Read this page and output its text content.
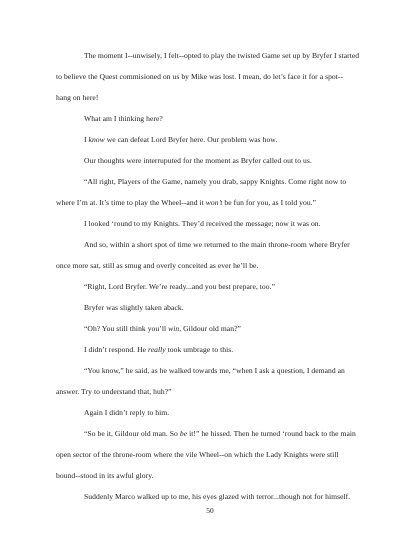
The moment I--unwisely, I felt--opted to play the twisted Game set up by Bryfer I started
to believe the Quest commisioned on us by Mike was lost. I mean, do let’s face it for a spot--
hang on here!

What am I thinking here?

I know we can defeat Lord Bryfer here. Our problem was how.

Our thoughts were interruputed for the moment as Bryfer called out to us.

“All right, Players of the Game, namely you drab, sappy Knights. Come right now to
where I’m at. It’s time to play the Wheel--and it won’t be fun for you, as I told you.”

I looked ‘round to my Knights. They’d received the message; now it was on.

And so, within a short spot of time we returned to the main throne-room where Bryfer
once more sat, still as smug and overly conceited as ever he’ll be.

“Right, Lord Bryfer. We’re ready...and you best prepare, too.”

Bryfer was slightly taken aback.

“Oh? You still think you’ll win, Gildour old man?”

I didn’t respond. He really took umbrage to this.

“You know,” he said, as he walked towards me, “when I ask a question, I demand an
answer. Try to understand that, huh?”

Again I didn’t reply to him.

“So be it, Gildour old man. So be it!” he hissed. Then he turned ‘round back to the main
open sector of the throne-room where the vile Wheel--on which the Lady Knights were still
bound--stood in its awful glory.

Suddenly Marco walked up to me, his eyes glazed with terror...though not for himself.

50
